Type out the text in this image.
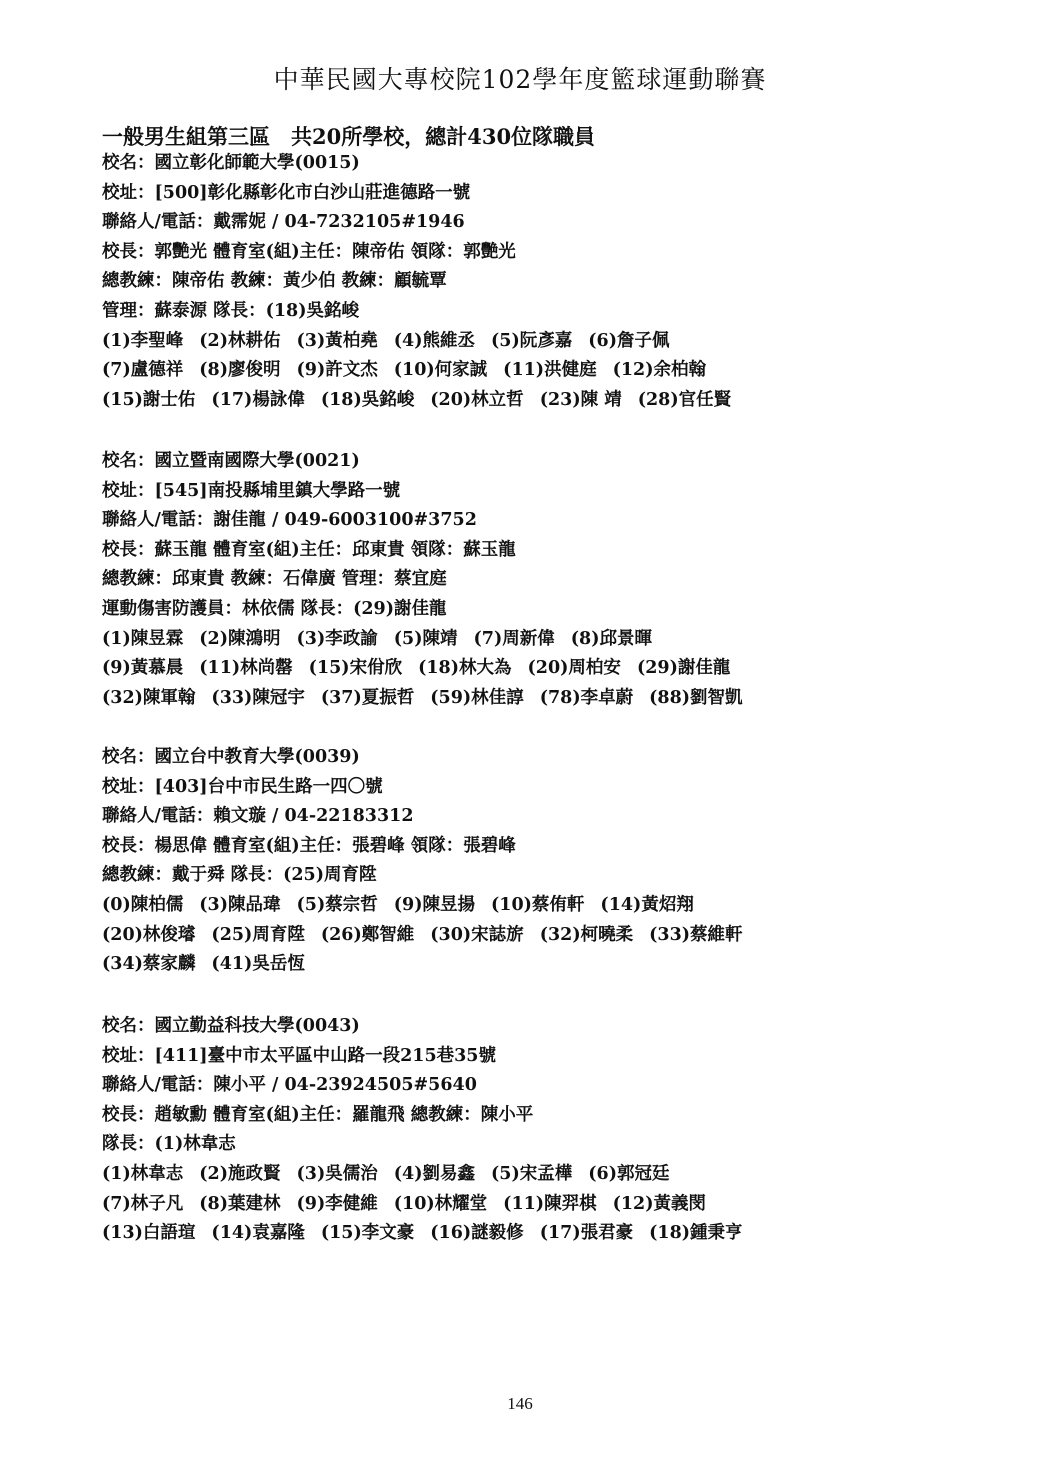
中華民國大專校院102學年度籃球運動聯賽
一般男生組第三區　共20所學校，總計430位隊職員
校名：國立彰化師範大學(0015)
校址：[500]彰化縣彰化市白沙山莊進德路一號
聯絡人/電話：戴霈妮 / 04-7232105#1946
校長：郭艷光 體育室(組)主任：陳帝佑 領隊：郭艷光
總教練：陳帝佑 教練：黃少伯 教練：顧毓覃
管理：蘇泰源 隊長：(18)吳銘峻
(1)李聖峰 (2)林耕佑 (3)黃柏堯 (4)熊維丞 (5)阮彥嘉 (6)詹子佩
(7)盧德祥 (8)廖俊明 (9)許文杰 (10)何家誠 (11)洪健庭 (12)余柏翰
(15)謝士佑 (17)楊詠偉 (18)吳銘峻 (20)林立哲 (23)陳 靖 (28)官任賢
校名：國立暨南國際大學(0021)
校址：[545]南投縣埔里鎮大學路一號
聯絡人/電話：謝佳龍 / 049-6003100#3752
校長：蘇玉龍 體育室(組)主任：邱東貴 領隊：蘇玉龍
總教練：邱東貴 教練：石偉廣 管理：蔡宜庭
運動傷害防護員：林依儒 隊長：(29)謝佳龍
(1)陳昱霖 (2)陳鴻明 (3)李政諭 (5)陳靖 (7)周新偉 (8)邱景暉
(9)黃慕晨 (11)林尚罄 (15)宋佾欣 (18)林大為 (20)周柏安 (29)謝佳龍
(32)陳軍翰 (33)陳冠宇 (37)夏振哲 (59)林佳諄 (78)李卓蔚 (88)劉智凱
校名：國立台中教育大學(0039)
校址：[403]台中市民生路一四〇號
聯絡人/電話：賴文璇 / 04-22183312
校長：楊思偉 體育室(組)主任：張碧峰 領隊：張碧峰
總教練：戴于舜 隊長：(25)周育陞
(0)陳柏儒 (3)陳品瑋 (5)蔡宗哲 (9)陳昱揚 (10)蔡侑軒 (14)黃炤翔
(20)林俊璿 (25)周育陞 (26)鄭智維 (30)宋誌旂 (32)柯曉柔 (33)蔡維軒
(34)蔡家麟 (41)吳岳恆
校名：國立勤益科技大學(0043)
校址：[411]臺中市太平區中山路一段215巷35號
聯絡人/電話：陳小平 / 04-23924505#5640
校長：趙敏勳 體育室(組)主任：羅龍飛 總教練：陳小平
隊長：(1)林韋志
(1)林韋志 (2)施政賢 (3)吳儒治 (4)劉易鑫 (5)宋孟樺 (6)郭冠廷
(7)林子凡 (8)葉建林 (9)李健維 (10)林耀堂 (11)陳羿棋 (12)黃義閔
(13)白語瑄 (14)袁嘉隆 (15)李文豪 (16)謎毅修 (17)張君豪 (18)鍾秉亨
146
